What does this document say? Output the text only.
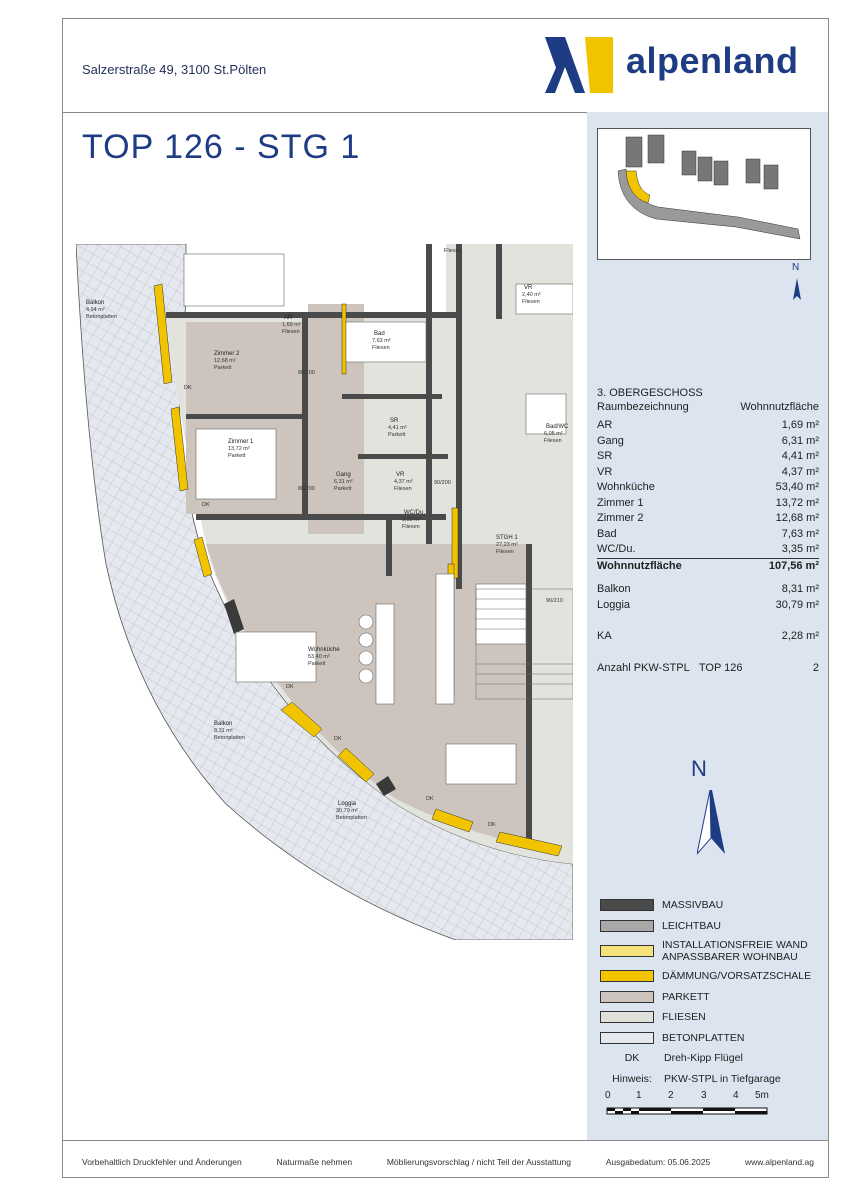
Salzerstraße 49, 3100 St.Pölten	alpenland
TOP 126 - STG 1
N
AR
1,69 m²
Fliesen	Bad
7,63 m²
Fliesen
Zimmer 2
12,68 m²
Parkett
Zimmer 1
13,72 m²
Parkett
SR
4,41 m²
Parkett
Gang
6,31 m²
Parkett
VR
4,37 m²
Fliesen
WC/Du.
3,35 m²
Fliesen
Wohnküche
53,40 m²
Parkett
Balkon
8,31 m²
Betonplatten
Balkon
4,94 m²
Betonplatten
Loggia
30,79 m²
Betonplatten
STGH 1
27,23 m²
Fliesen
VR
2,40 m²
Fliesen
Bad/WC
6,05 m²
Fliesen
Fliesen
80/200
80/200
90/200
90/210
DK
DK
DK
DK
DK
DK
3. OBERGESCHOSS
Raumbezeichnung	Wohnnutzfläche
AR	1,69 m²
Gang	6,31 m²
SR	4,41 m²
VR	4,37 m²
Wohnküche	53,40 m²
Zimmer 1	13,72 m²
Zimmer 2	12,68 m²
Bad	7,63 m²
WC/Du.	3,35 m²
Wohnnutzfläche	107,56 m²
Balkon	8,31 m²
Loggia	30,79 m²
KA	2,28 m²
Anzahl PKW-STPL TOP 126	2
N
MASSIVBAU
LEICHTBAU
INSTALLATIONSFREIE WAND
ANPASSBARER WOHNBAU
DÄMMUNG/VORSATZSCHALE
PARKETT
FLIESEN
BETONPLATTEN
DK	Dreh-Kipp Flügel
Hinweis:	PKW-STPL in Tiefgarage
0	1	2	3	4 5m
Vorbehaltlich Druckfehler und Änderungen	Naturmaße nehmen	Möblierungsvorschlag / nicht Teil der Ausstattung	Ausgabedatum: 05.06.2025	www.alpenland.ag
